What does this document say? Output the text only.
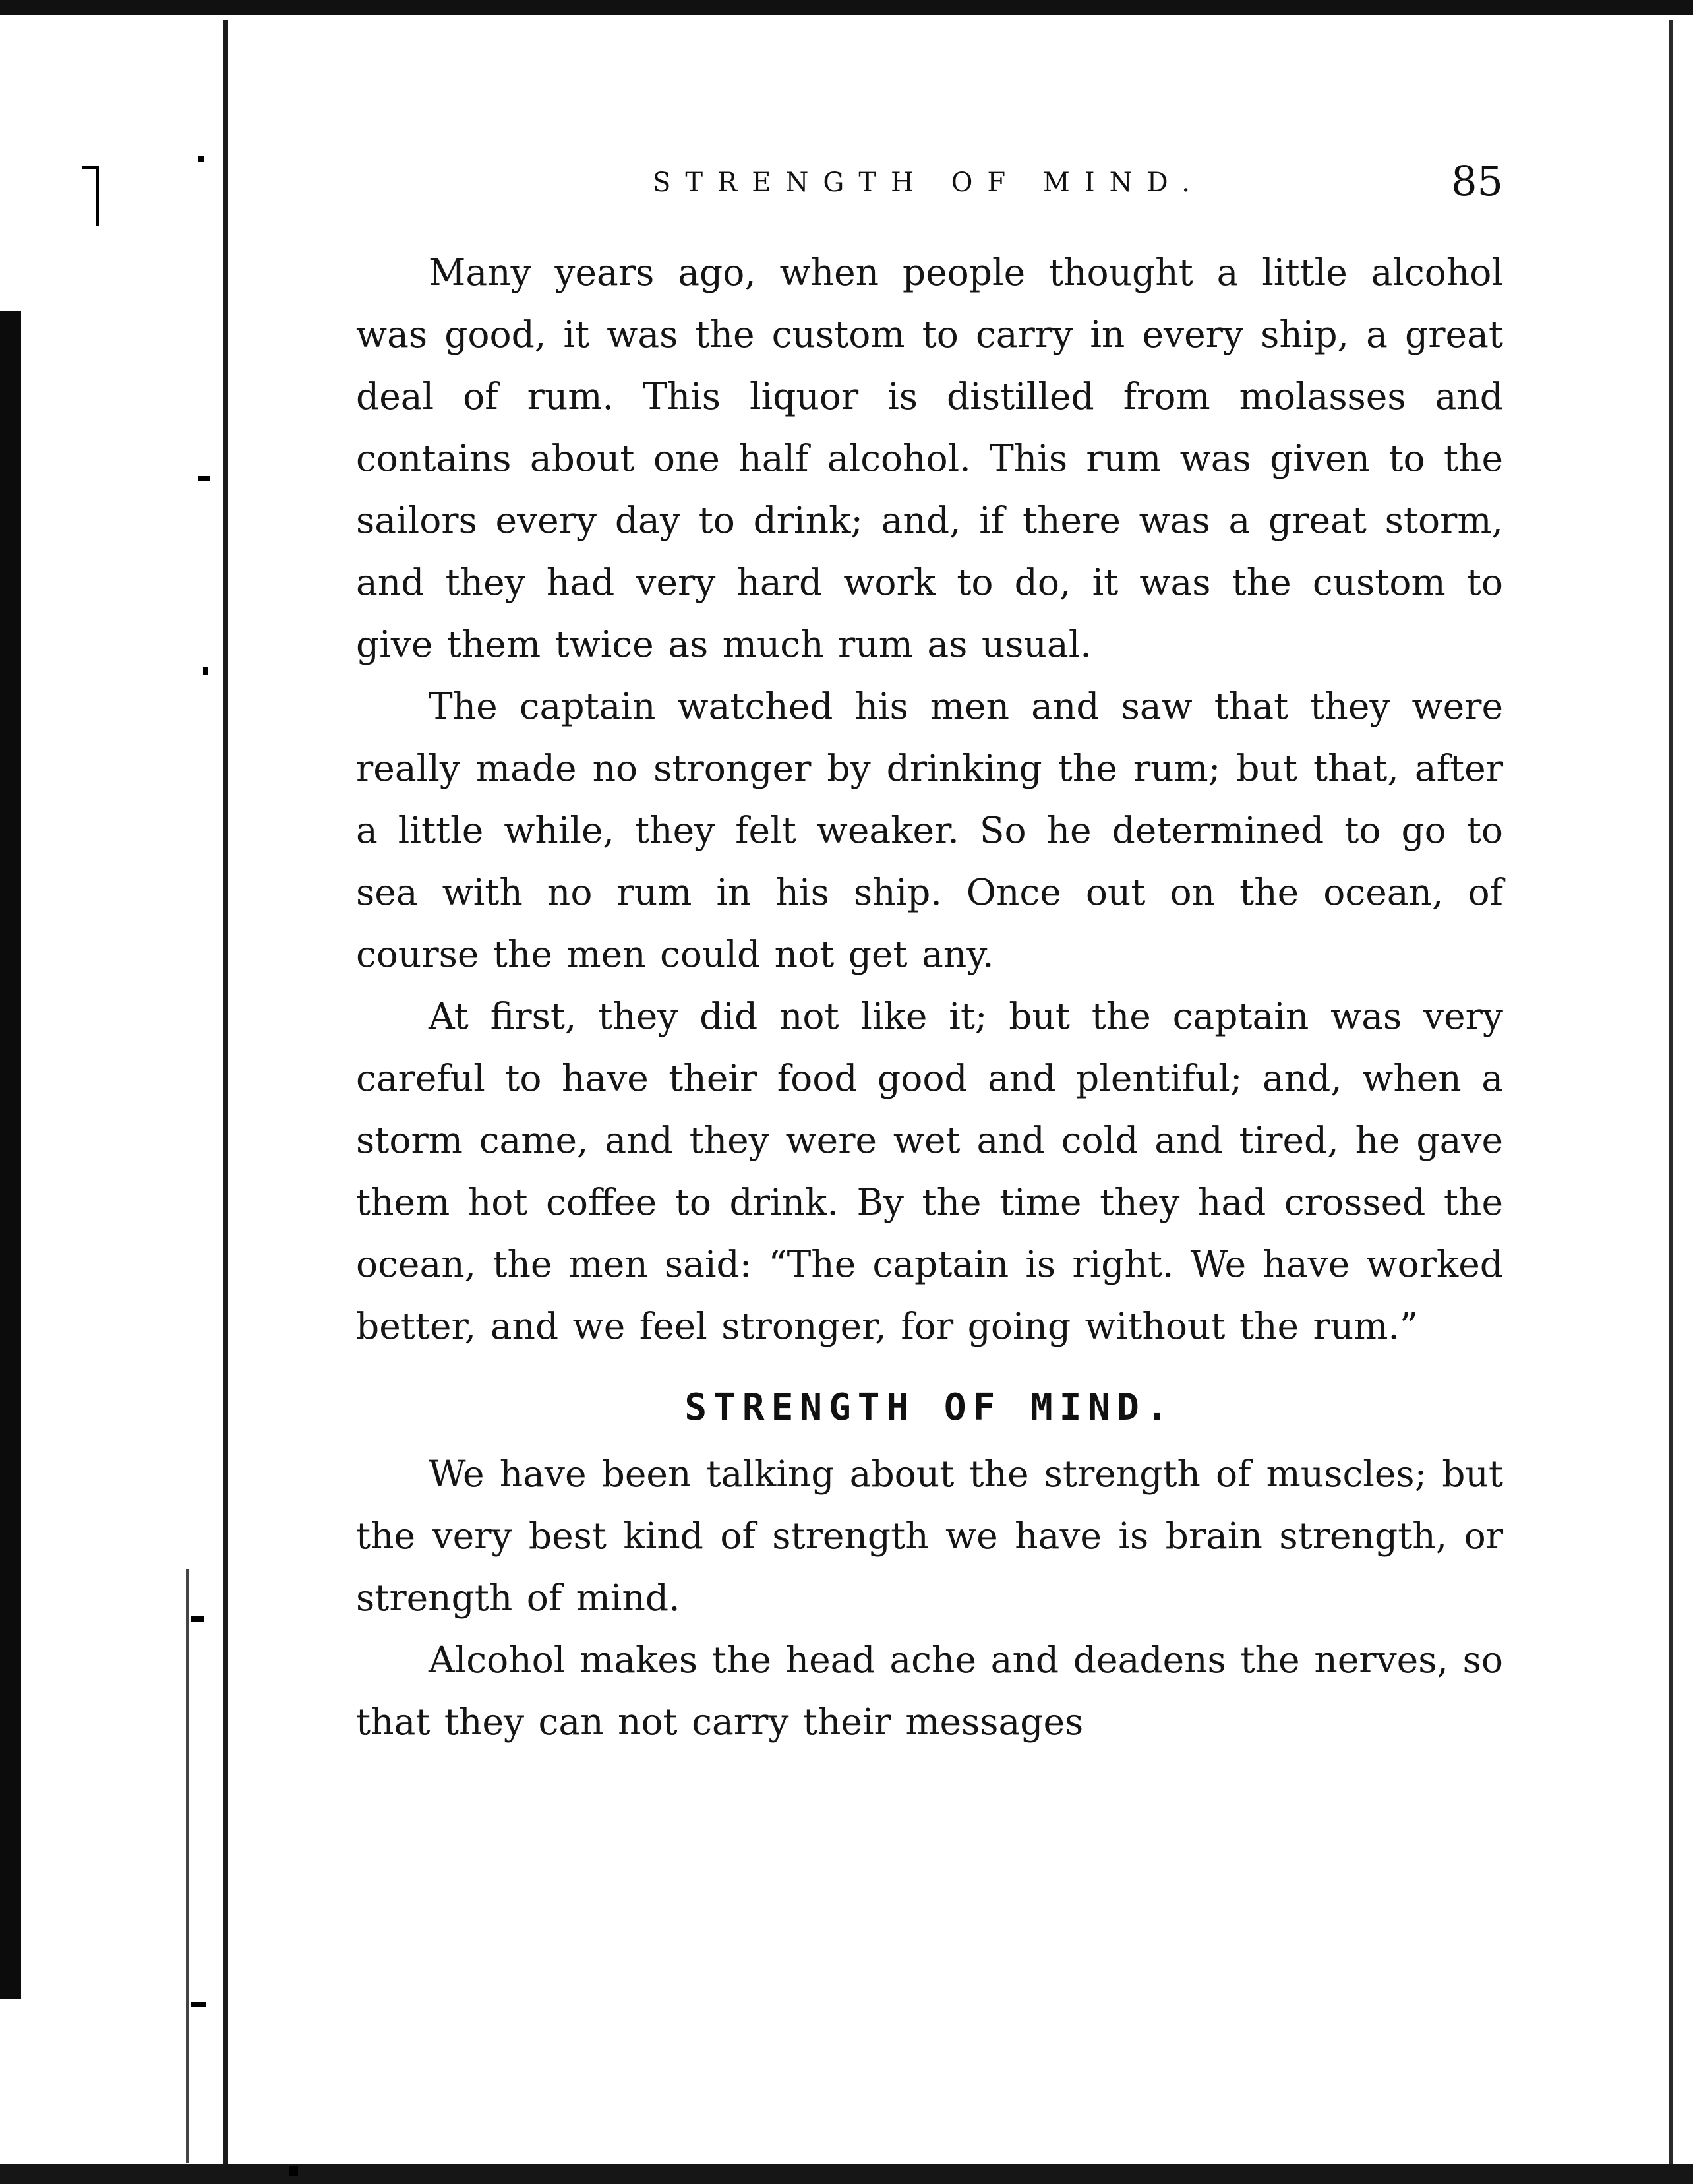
STRENGTH OF MIND.	85

Many years ago, when people thought a little alcohol was good, it was the custom to carry in every ship, a great deal of rum. This liquor is distilled from molasses and contains about one half alcohol. This rum was given to the sailors every day to drink; and, if there was a great storm, and they had very hard work to do, it was the custom to give them twice as much rum as usual.

The captain watched his men and saw that they were really made no stronger by drinking the rum; but that, after a little while, they felt weaker. So he determined to go to sea with no rum in his ship. Once out on the ocean, of course the men could not get any.

At first, they did not like it; but the captain was very careful to have their food good and plentiful; and, when a storm came, and they were wet and cold and tired, he gave them hot coffee to drink. By the time they had crossed the ocean, the men said: “The captain is right. We have worked better, and we feel stronger, for going without the rum.”

STRENGTH OF MIND.

We have been talking about the strength of muscles; but the very best kind of strength we have is brain strength, or strength of mind.

Alcohol makes the head ache and deadens the nerves, so that they can not carry their messages
